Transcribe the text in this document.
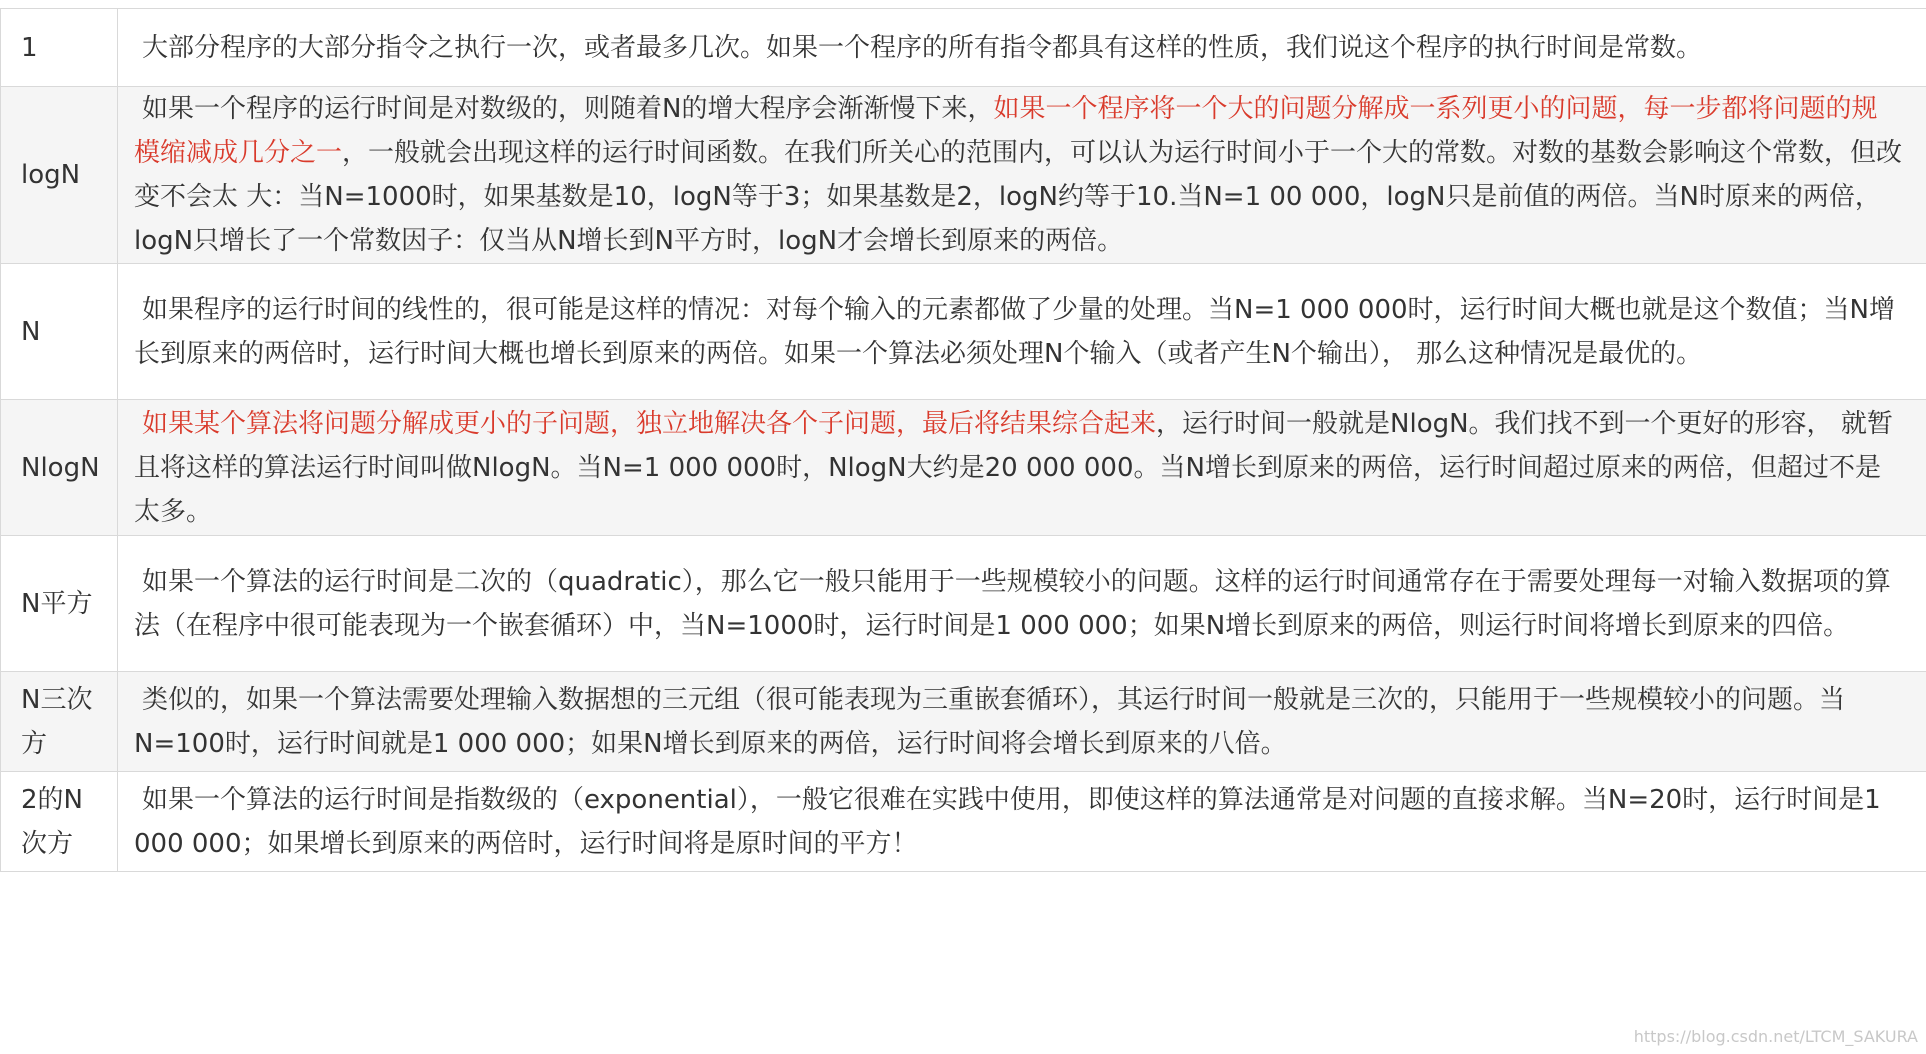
1	大部分程序的大部分指令之执行一次，或者最多几次。如果一个程序的所有指令都具有这样的性质，我们说这个程序的执行时间是常数。
logN	如果一个程序的运行时间是对数级的，则随着N的增大程序会渐渐慢下来，如果一个程序将一个大的问题分解成一系列更小的问题，每一步都将问题的规 模缩减成几分之一，一般就会出现这样的运行时间函数。在我们所关心的范围内，可以认为运行时间小于一个大的常数。对数的基数会影响这个常数，但改变不会太 大：当N=1000时，如果基数是10，logN等于3；如果基数是2，logN约等于10.当N=1 00 000，logN只是前值的两倍。当N时原来的两倍，logN只增长了一个常数因子：仅当从N增长到N平方时，logN才会增长到原来的两倍。
N	如果程序的运行时间的线性的，很可能是这样的情况：对每个输入的元素都做了少量的处理。当N=1 000 000时，运行时间大概也就是这个数值；当N增长到原来的两倍时，运行时间大概也增长到原来的两倍。如果一个算法必须处理N个输入（或者产生N个输出）， 那么这种情况是最优的。
NlogN	如果某个算法将问题分解成更小的子问题，独立地解决各个子问题，最后将结果综合起来，运行时间一般就是NlogN。我们找不到一个更好的形容， 就暂且将这样的算法运行时间叫做NlogN。当N=1 000 000时，NlogN大约是20 000 000。当N增长到原来的两倍，运行时间超过原来的两倍，但超过不是太多。
N平方	如果一个算法的运行时间是二次的（quadratic），那么它一般只能用于一些规模较小的问题。这样的运行时间通常存在于需要处理每一对输入数据项的算法（在程序中很可能表现为一个嵌套循环）中，当N=1000时，运行时间是1 000 000；如果N增长到原来的两倍，则运行时间将增长到原来的四倍。
N三次方	类似的，如果一个算法需要处理输入数据想的三元组（很可能表现为三重嵌套循环），其运行时间一般就是三次的，只能用于一些规模较小的问题。当N=100时，运行时间就是1 000 000；如果N增长到原来的两倍，运行时间将会增长到原来的八倍。
2的N次方	如果一个算法的运行时间是指数级的（exponential），一般它很难在实践中使用，即使这样的算法通常是对问题的直接求解。当N=20时，运行时间是1 000 000；如果增长到原来的两倍时，运行时间将是原时间的平方！
https://blog.csdn.net/LTCM_SAKURA
